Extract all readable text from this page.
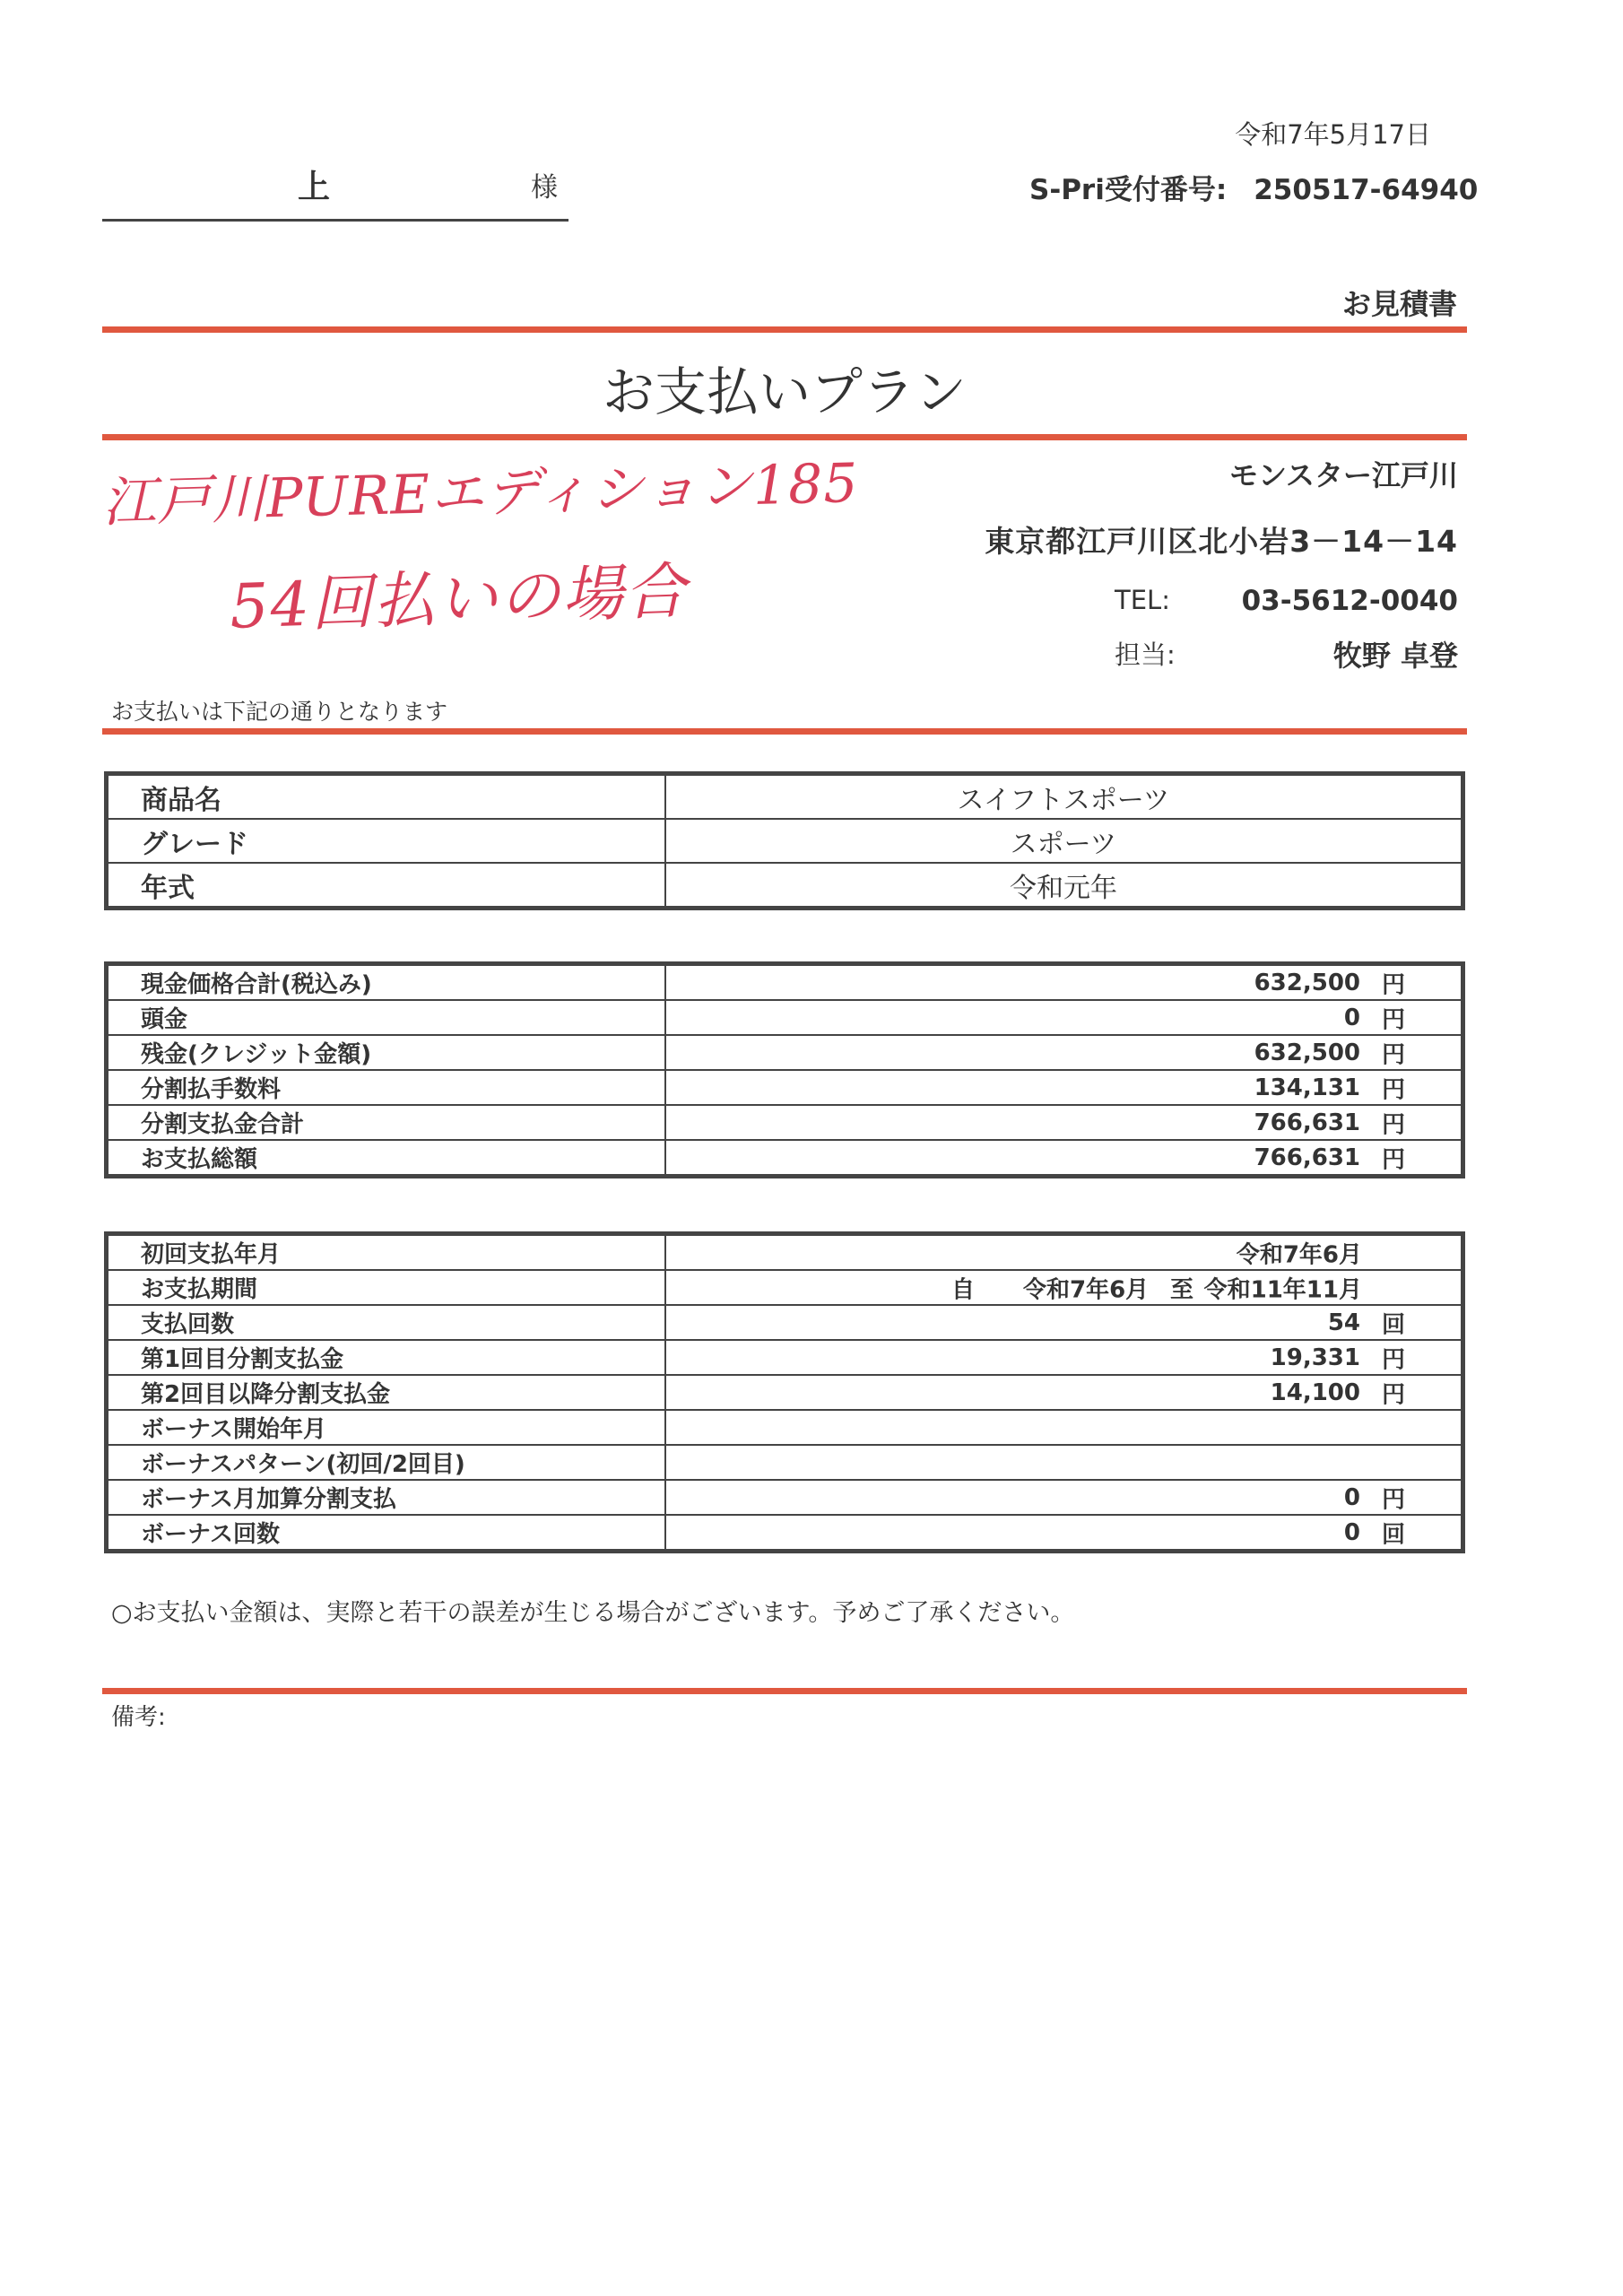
令和7年5月17日
上	様	S-Pri受付番号: 250517-64940
お見積書
お支払いプラン
江戸川PUREエディション185
54回払いの場合
モンスター江戸川
東京都江戸川区北小岩3－14－14
TEL:	03-5612-0040
担当:	牧野 卓登
お支払いは下記の通りとなります
商品名	スイフトスポーツ
グレード	スポーツ
年式	令和元年
現金価格合計(税込み)	632,500 円

頭金	0 円

残金(クレジット金額)	632,500 円

分割払手数料	134,131 円

分割支払金合計	766,631 円

お支払総額	766,631 円
初回支払年月	令和7年6月

お支払期間	自 令和7年6月 至 令和11年11月

支払回数	54 回

第1回目分割支払金	19,331 円

第2回目以降分割支払金	14,100 円

ボーナス開始年月	

ボーナスパターン(初回/2回目)	

ボーナス月加算分割支払	0 円

ボーナス回数	0 回
○お支払い金額は、実際と若干の誤差が生じる場合がございます。予めご了承ください。
備考:
